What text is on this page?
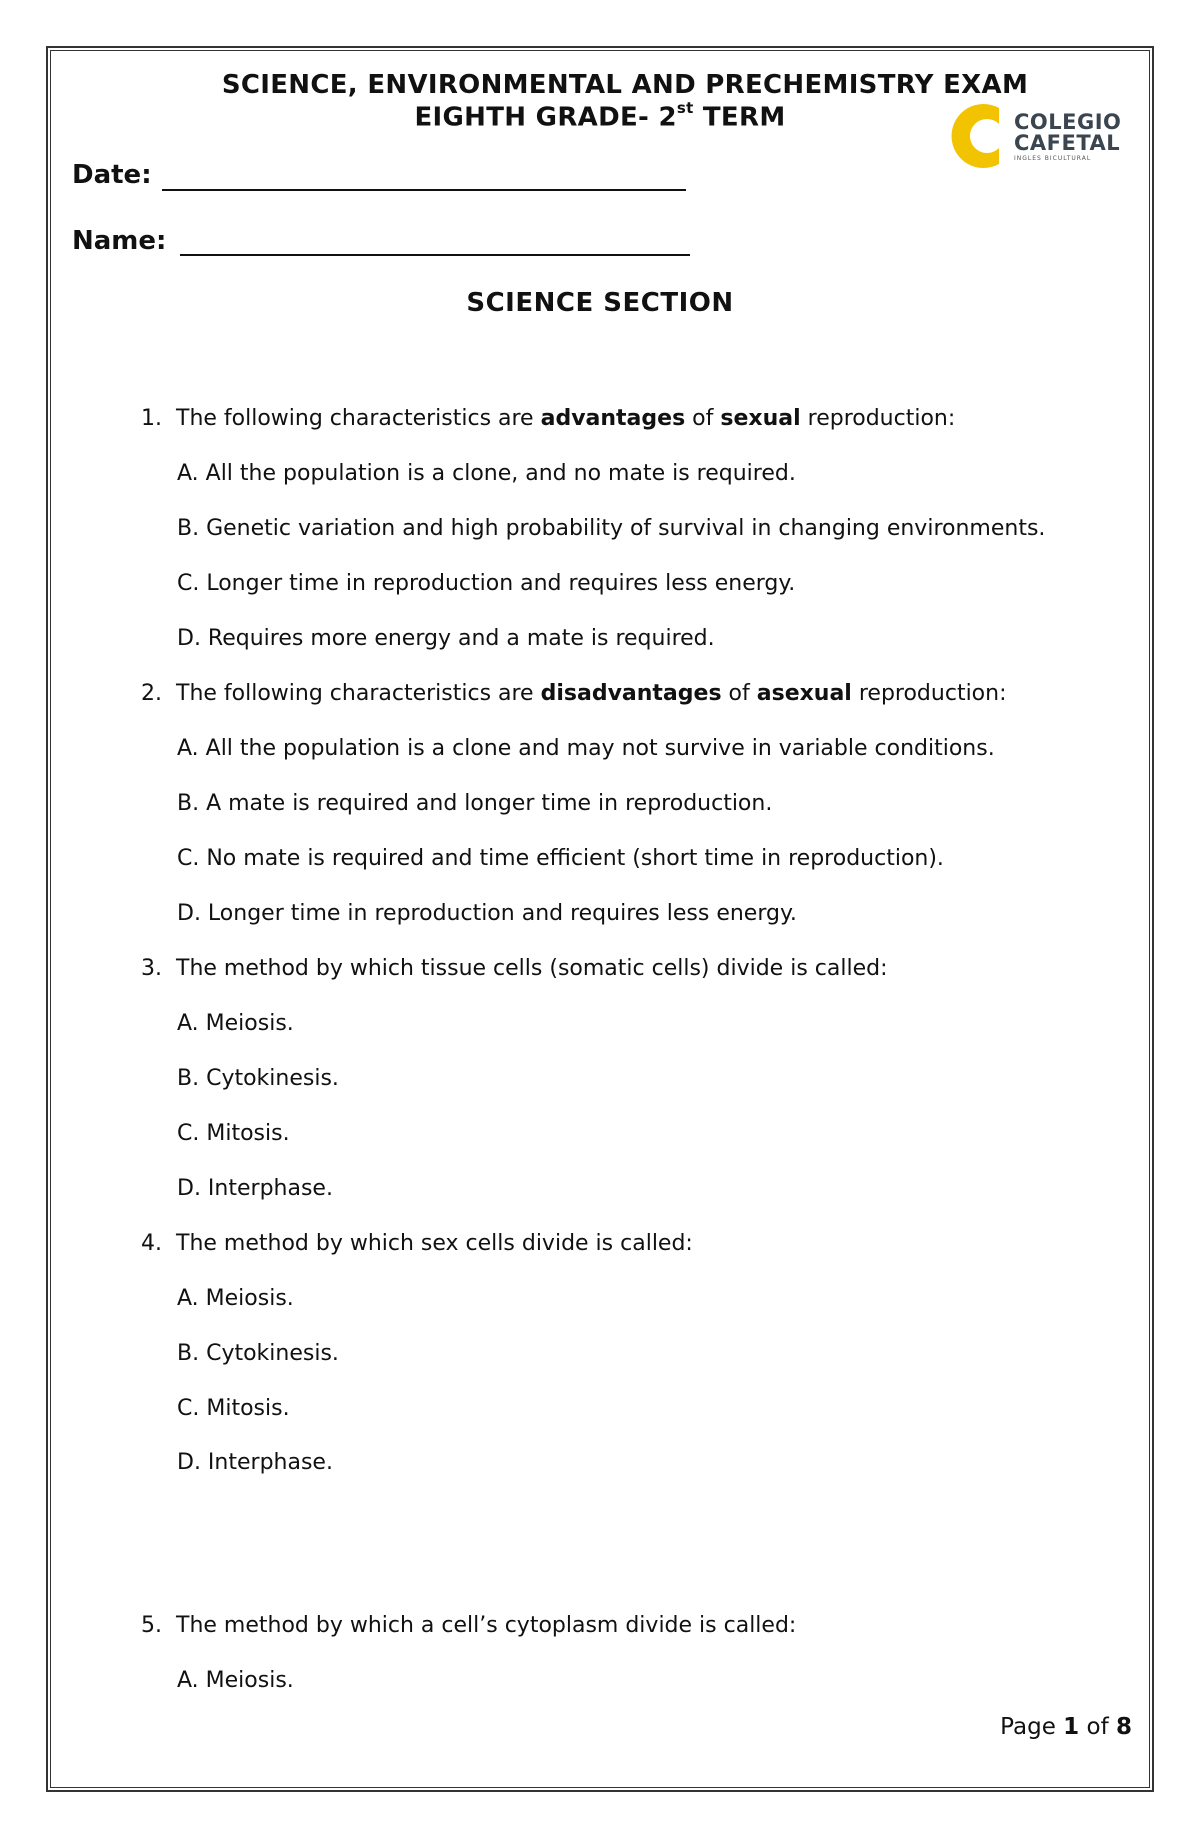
SCIENCE, ENVIRONMENTAL AND PRECHEMISTRY EXAM
EIGHTH GRADE- 2st TERM	COLEGIO
CAFETAL
INGLES BICULTURAL
Date:
Name:
SCIENCE SECTION
1. The following characteristics are advantages of sexual reproduction:
A. All the population is a clone, and no mate is required.
B. Genetic variation and high probability of survival in changing environments.
C. Longer time in reproduction and requires less energy.
D. Requires more energy and a mate is required.
2. The following characteristics are disadvantages of asexual reproduction:
A. All the population is a clone and may not survive in variable conditions.
B. A mate is required and longer time in reproduction.
C. No mate is required and time efficient (short time in reproduction).
D. Longer time in reproduction and requires less energy.
3. The method by which tissue cells (somatic cells) divide is called:
A. Meiosis.
B. Cytokinesis.
C. Mitosis.
D. Interphase.
4. The method by which sex cells divide is called:
A. Meiosis.
B. Cytokinesis.
C. Mitosis.
D. Interphase.
5. The method by which a cell’s cytoplasm divide is called:
A. Meiosis.
Page 1 of 8
